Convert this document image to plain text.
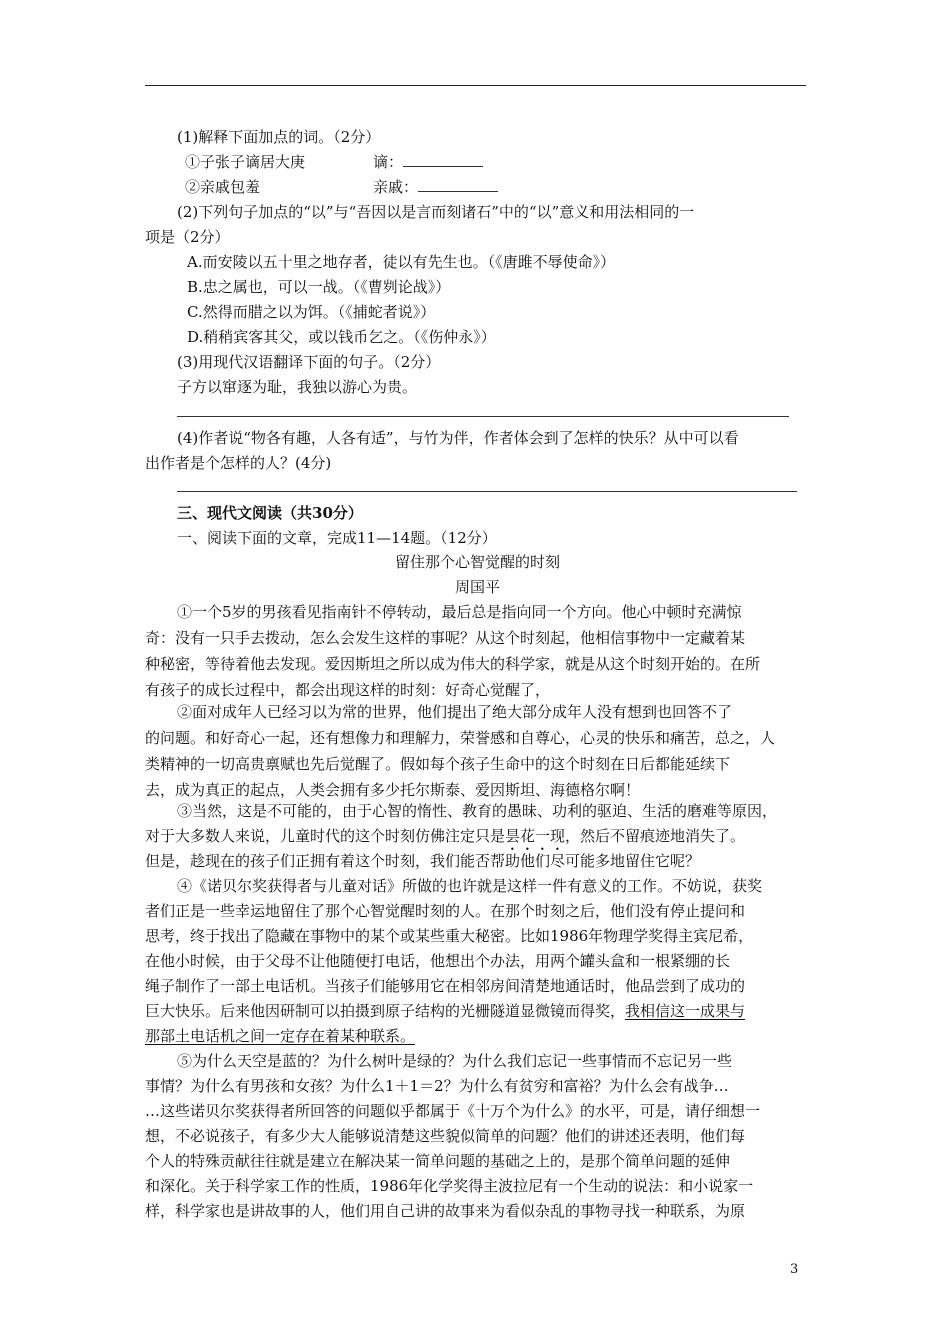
(1)解释下面加点的词。（2分）
①子张子谪居大庚	谪：
②亲戚包羞	亲戚：
(2)下列句子加点的“以”与“吾因以是言而刻诸石”中的“以”意义和用法相同的一
项是（2分）
A.而安陵以五十里之地存者，徒以有先生也。（《唐雎不辱使命》）
B.忠之属也，可以一战。（《曹刿论战》）
C.然得而腊之以为饵。（《捕蛇者说》）
D.稍稍宾客其父，或以钱币乞之。（《伤仲永》）
(3)用现代汉语翻译下面的句子。（2分）
子方以窜逐为耻，我独以游心为贵。
(4)作者说“物各有趣，人各有适”，与竹为伴，作者体会到了怎样的快乐？从中可以看
出作者是个怎样的人？(4分)
三、现代文阅读（共30分）
一、阅读下面的文章，完成11—14题。（12分）
留住那个心智觉醒的时刻
周国平
①一个5岁的男孩看见指南针不停转动，最后总是指向同一个方向。他心中顿时充满惊
奇：没有一只手去拨动，怎么会发生这样的事呢？从这个时刻起，他相信事物中一定藏着某
种秘密，等待着他去发现。爱因斯坦之所以成为伟大的科学家，就是从这个时刻开始的。在所
有孩子的成长过程中，都会出现这样的时刻：好奇心觉醒了，
②面对成年人已经习以为常的世界，他们提出了绝大部分成年人没有想到也回答不了
的问题。和好奇心一起，还有想像力和理解力，荣誉感和自尊心，心灵的快乐和痛苦，总之，人
类精神的一切高贵禀赋也先后觉醒了。假如每个孩子生命中的这个时刻在日后都能延续下
去，成为真正的起点，人类会拥有多少托尔斯泰、爱因斯坦、海德格尔啊！
③当然，这是不可能的，由于心智的惰性、教育的愚昧、功利的驱迫、生活的磨难等原因，
对于大多数人来说，儿童时代的这个时刻仿佛注定只是昙花一现，然后不留痕迹地消失了。
但是，趁现在的孩子们正拥有着这个时刻，我们能否帮助他们尽可能多地留住它呢？
④《诺贝尔奖获得者与儿童对话》所做的也许就是这样一件有意义的工作。不妨说，获奖
者们正是一些幸运地留住了那个心智觉醒时刻的人。在那个时刻之后，他们没有停止提问和
思考，终于找出了隐藏在事物中的某个或某些重大秘密。比如1986年物理学奖得主宾尼希，
在他小时候，由于父母不让他随便打电话，他想出个办法，用两个罐头盒和一根紧绷的长
绳子制作了一部土电话机。当孩子们能够用它在相邻房间清楚地通话时，他品尝到了成功的
巨大快乐。后来他因研制可以拍摄到原子结构的光栅隧道显微镜而得奖，我相信这一成果与
那部土电话机之间一定存在着某种联系。
⑤为什么天空是蓝的？为什么树叶是绿的？为什么我们忘记一些事情而不忘记另一些
事情？为什么有男孩和女孩？为什么1＋1＝2？为什么有贫穷和富裕？为什么会有战争…
…这些诺贝尔奖获得者所回答的问题似乎都属于《十万个为什么》的水平，可是，请仔细想一
想，不必说孩子，有多少大人能够说清楚这些貌似简单的问题？他们的讲述还表明，他们每
个人的特殊贡献往往就是建立在解决某一简单问题的基础之上的，是那个简单问题的延伸
和深化。关于科学家工作的性质，1986年化学奖得主波拉尼有一个生动的说法：和小说家一
样，科学家也是讲故事的人，他们用自己讲的故事来为看似杂乱的事物寻找一种联系，为原
3
